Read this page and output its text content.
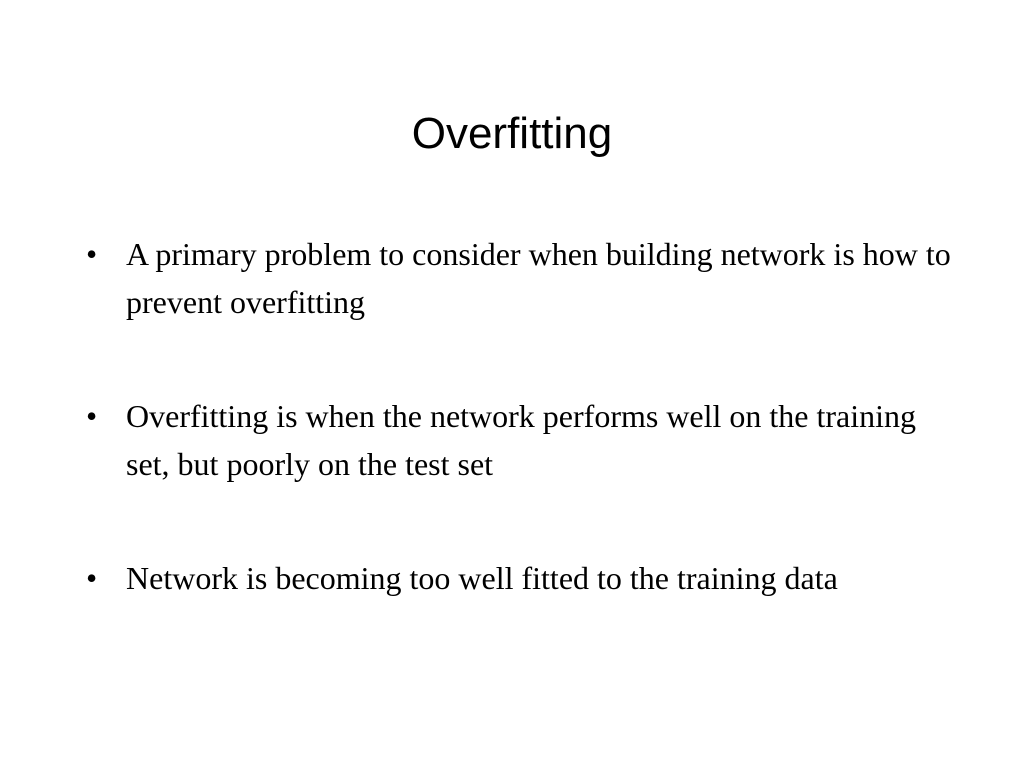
Overfitting
• A primary problem to consider when building network is how to prevent overfitting
• Overfitting is when the network performs well on the training set, but poorly on the test set
• Network is becoming too well fitted to the training data
